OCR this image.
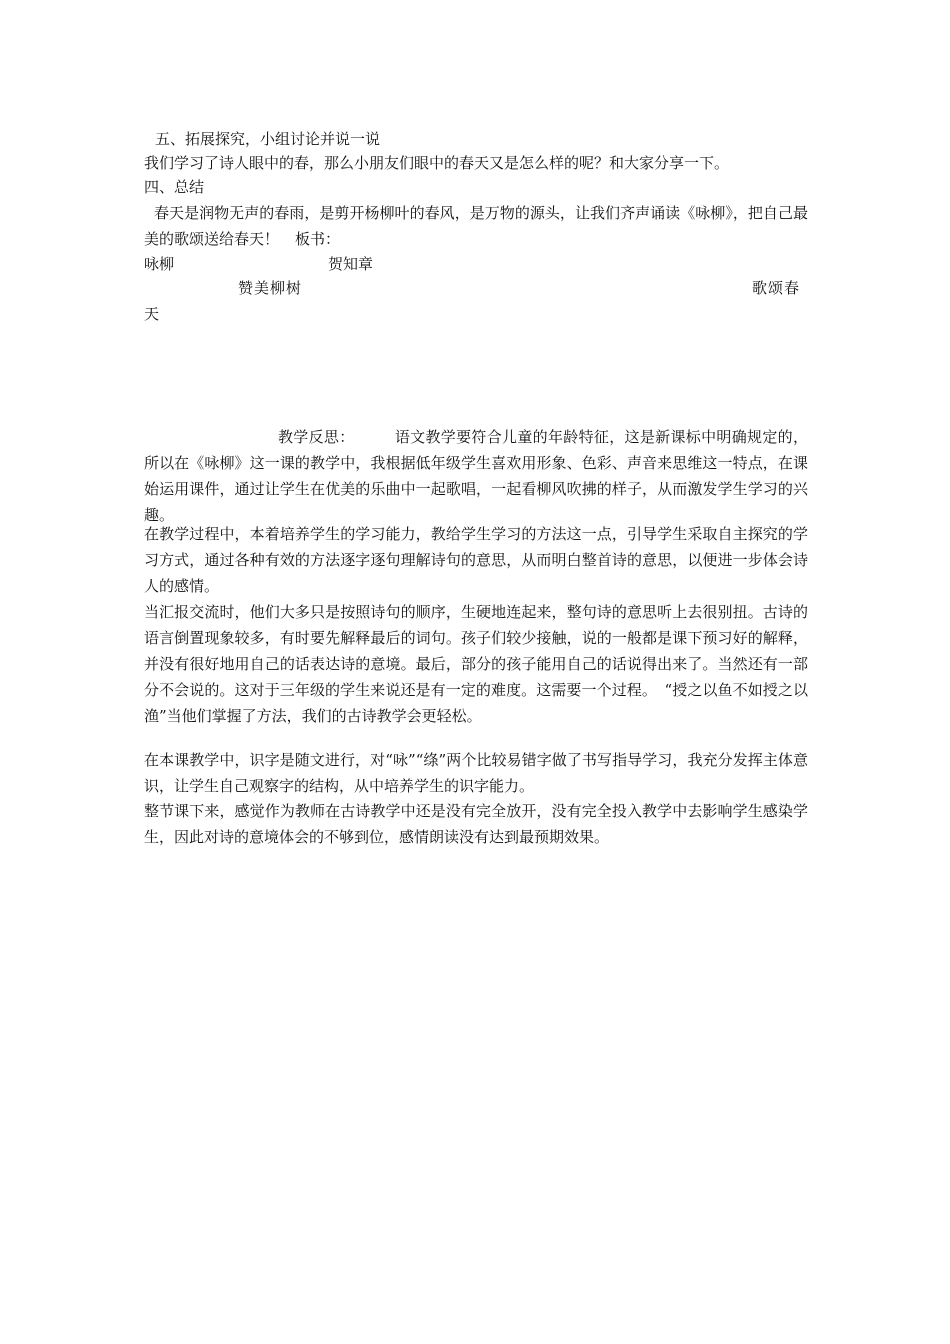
五、拓展探究，小组讨论并说一说
我们学习了诗人眼中的春，那么小朋友们眼中的春天又是怎么样的呢？和大家分享一下。
四、总结
春天是润物无声的春雨，是剪开杨柳叶的春风，是万物的源头，让我们齐声诵读《咏柳》，把自己最美的歌颂送给春天！ 板书：
咏柳	贺知章
赞美柳树	歌颂春
天
教学反思：	语文教学要符合儿童的年龄特征，这是新课标中明确规定的，所以在《咏柳》这一课的教学中，我根据低年级学生喜欢用形象、色彩、声音来思维这一特点，在课始运用课件，通过让学生在优美的乐曲中一起歌唱，一起看柳风吹拂的样子，从而激发学生学习的兴趣。
在教学过程中，本着培养学生的学习能力，教给学生学习的方法这一点，引导学生采取自主探究的学习方式，通过各种有效的方法逐字逐句理解诗句的意思，从而明白整首诗的意思，以便进一步体会诗人的感情。
当汇报交流时，他们大多只是按照诗句的顺序，生硬地连起来，整句诗的意思听上去很别扭。古诗的语言倒置现象较多，有时要先解释最后的词句。孩子们较少接触，说的一般都是课下预习好的解释，并没有很好地用自己的话表达诗的意境。最后，部分的孩子能用自己的话说得出来了。当然还有一部分不会说的。这对于三年级的学生来说还是有一定的难度。这需要一个过程。　“授之以鱼不如授之以渔”当他们掌握了方法，我们的古诗教学会更轻松。
在本课教学中，识字是随文进行，对“咏”“绦”两个比较易错字做了书写指导学习，我充分发挥主体意识，让学生自己观察字的结构，从中培养学生的识字能力。
整节课下来，感觉作为教师在古诗教学中还是没有完全放开，没有完全投入教学中去影响学生感染学生，因此对诗的意境体会的不够到位，感情朗读没有达到最预期效果。
